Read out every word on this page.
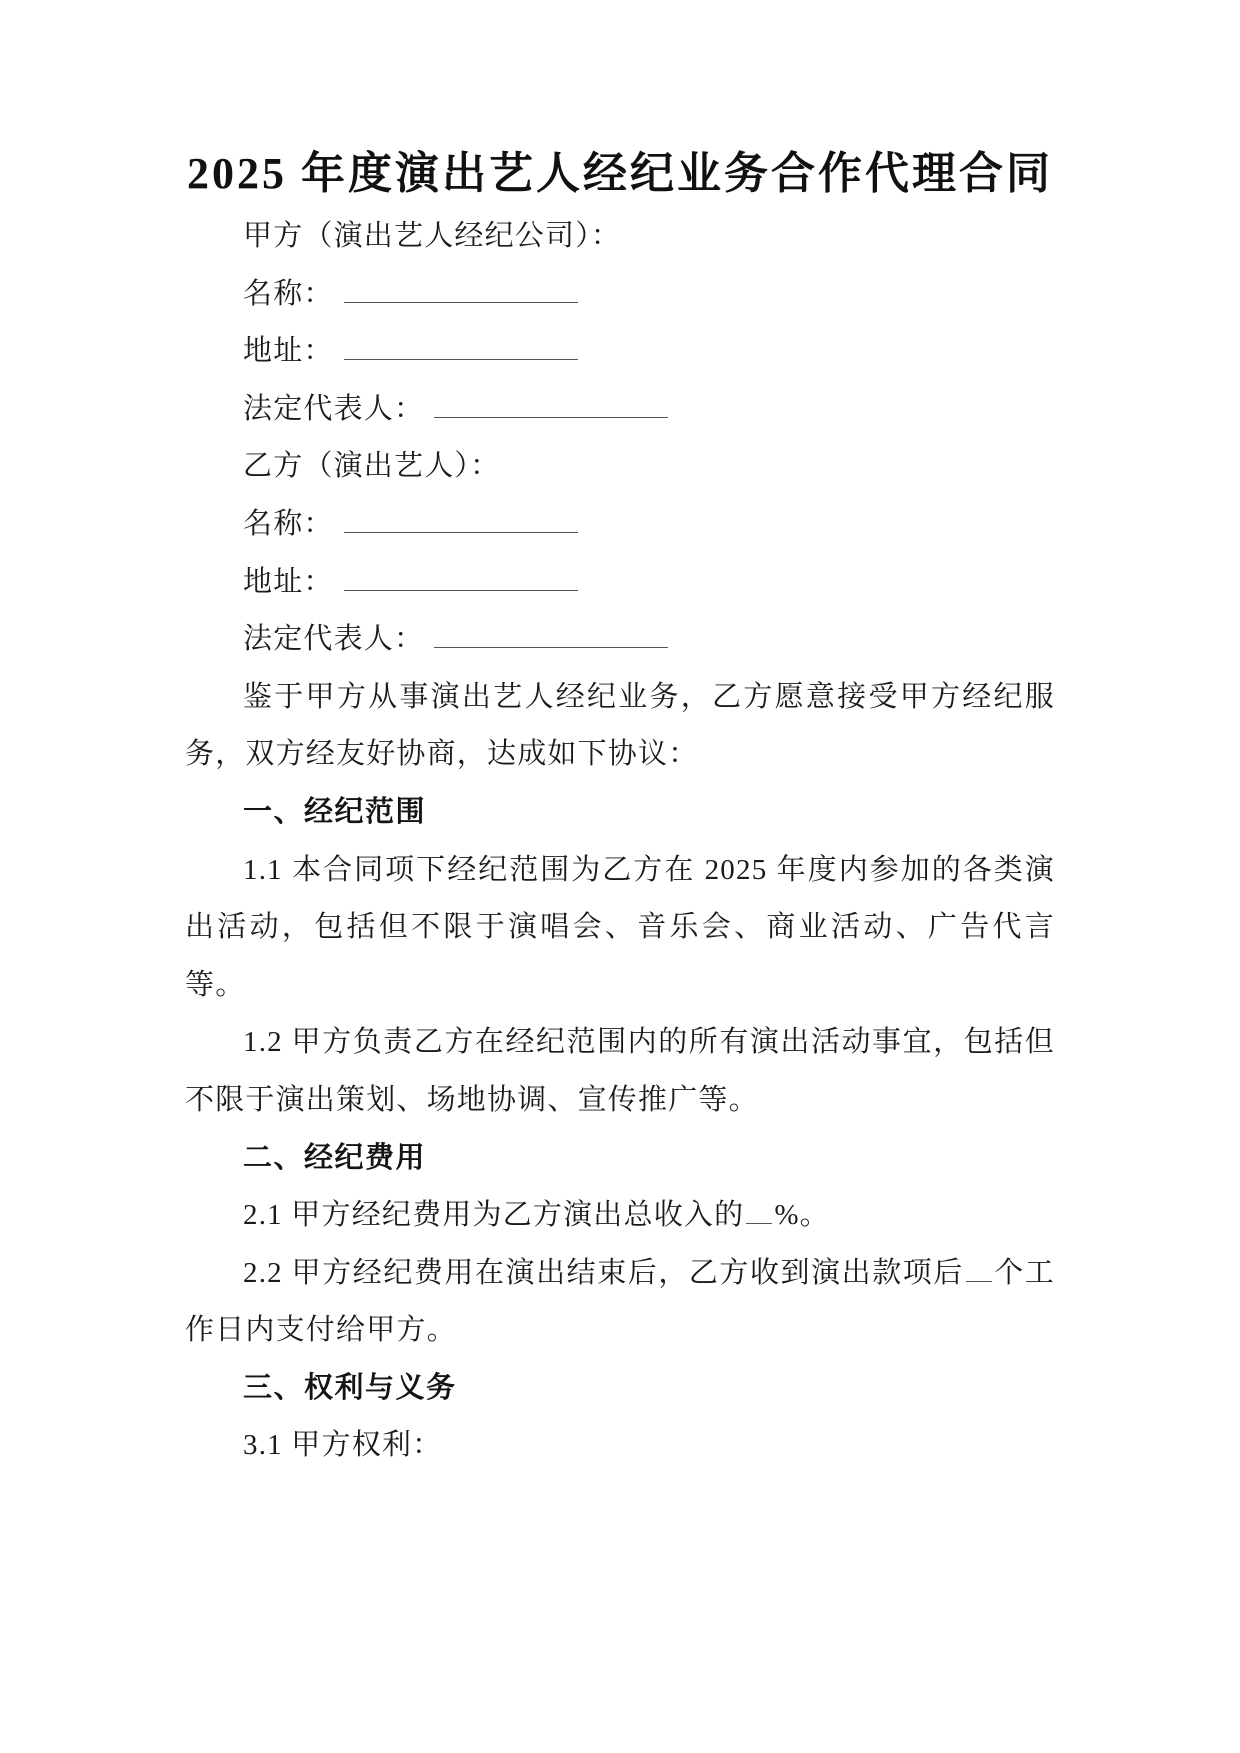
2025 年度演出艺人经纪业务合作代理合同

甲方（演出艺人经纪公司）：

名称：

地址：

法定代表人：

乙方（演出艺人）：

名称：

地址：

法定代表人：

鉴于甲方从事演出艺人经纪业务，乙方愿意接受甲方经纪服务，双方经友好协商，达成如下协议：

一、经纪范围

1.1 本合同项下经纪范围为乙方在 2025 年度内参加的各类演出活动，包括但不限于演唱会、音乐会、商业活动、广告代言等。

1.2 甲方负责乙方在经纪范围内的所有演出活动事宜，包括但不限于演出策划、场地协调、宣传推广等。

二、经纪费用

2.1 甲方经纪费用为乙方演出总收入的 %。

2.2 甲方经纪费用在演出结束后，乙方收到演出款项后 个工作日内支付给甲方。

三、权利与义务

3.1 甲方权利：
